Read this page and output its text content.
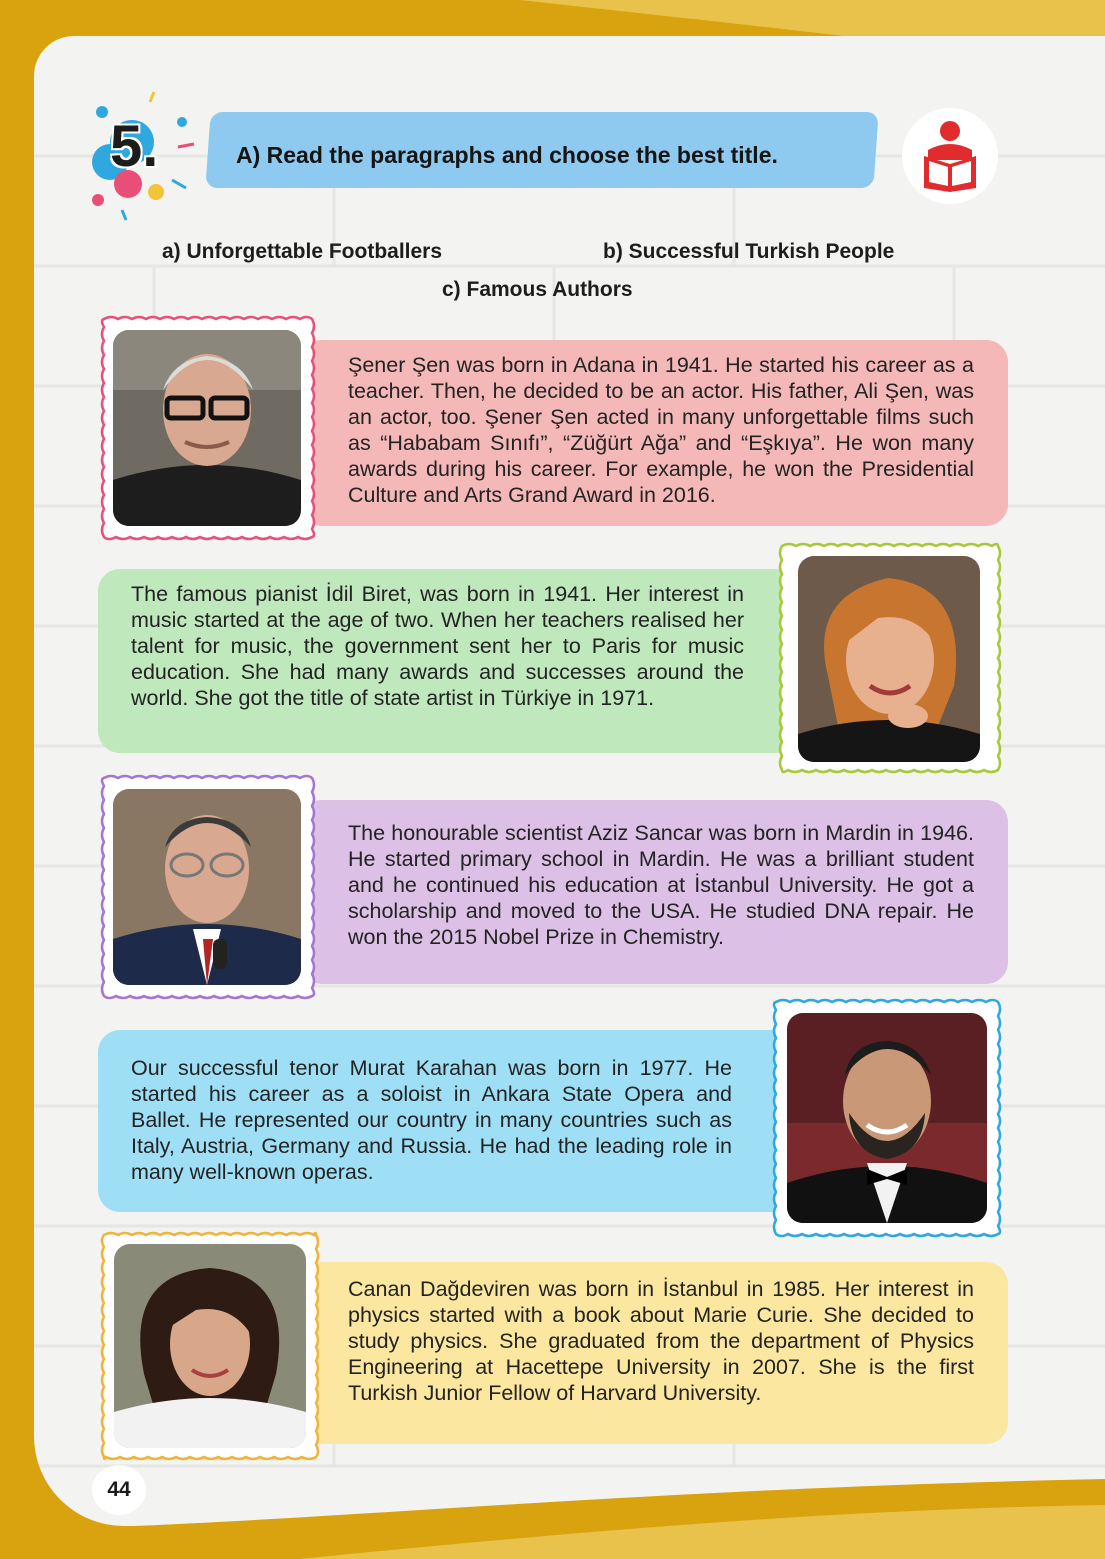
5.	A) Read the paragraphs and choose the best title.
a) Unforgettable Footballers	b) Successful Turkish People
c) Famous Authors
Şener Şen was born in Adana in 1941. He started his career as a teacher. Then, he decided to be an actor. His father, Ali Şen, was an actor, too. Şener Şen acted in many unforgettable films such as “Hababam Sınıfı”, “Züğürt Ağa” and “Eşkıya”. He won many awards during his career. For example, he won the Presidential Culture and Arts Grand Award in 2016.
The famous pianist İdil Biret, was born in 1941. Her interest in music started at the age of two. When her teachers realised her talent for music, the government sent her to Paris for music education. She had many awards and successes around the world. She got the title of state artist in Türkiye in 1971.
The honourable scientist Aziz Sancar was born in Mardin in 1946. He started primary school in Mardin. He was a brilliant student and he continued his education at İstanbul University. He got a scholarship and moved to the USA. He studied DNA repair. He won the 2015 Nobel Prize in Chemistry.
Our successful tenor Murat Karahan was born in 1977. He started his career as a soloist in Ankara State Opera and Ballet. He represented our country in many countries such as Italy, Austria, Germany and Russia. He had the leading role in many well-known operas.
Canan Dağdeviren was born in İstanbul in 1985. Her interest in physics started with a book about Marie Curie. She decided to study physics. She graduated from the department of Physics Engineering at Hacettepe University in 2007. She is the first Turkish Junior Fellow of Harvard University.
44
